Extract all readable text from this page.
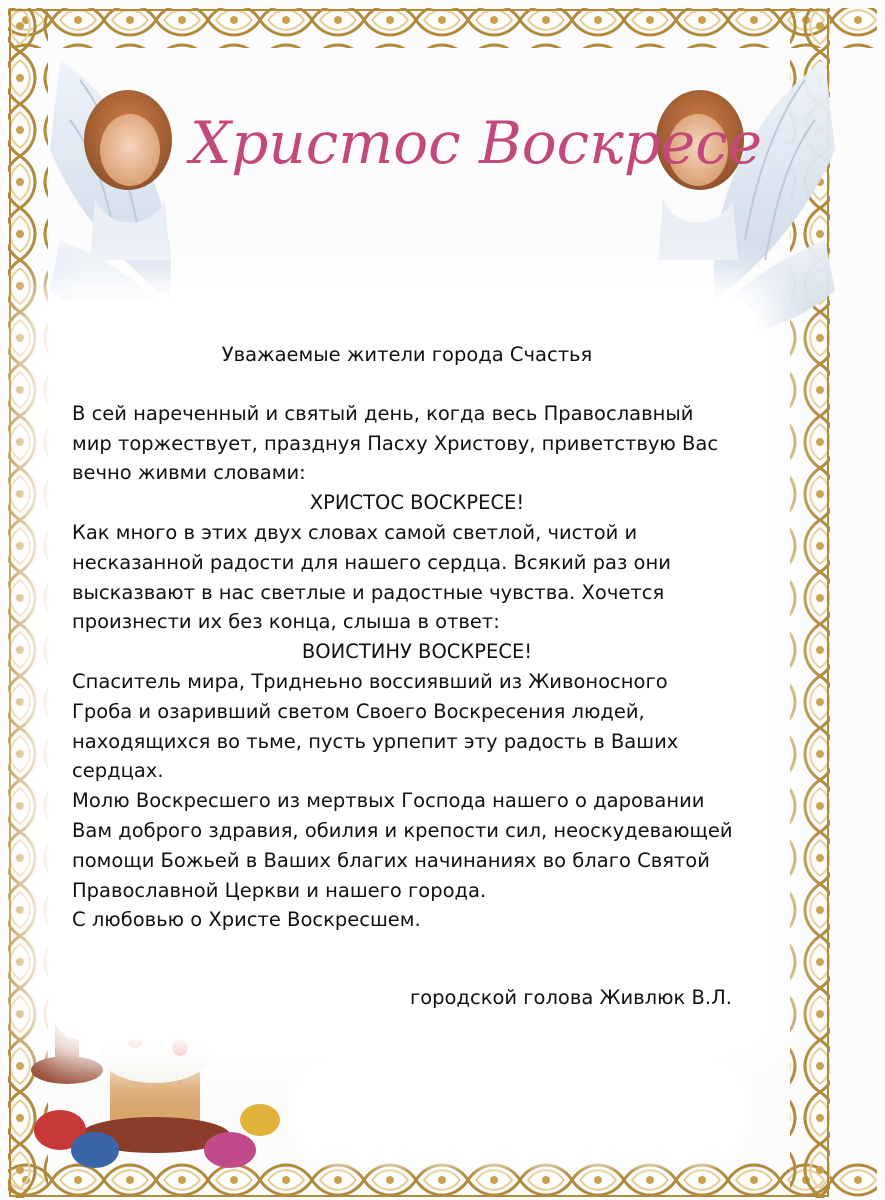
Христос Воскресе
Уважаемые жители города Счастья
В сей нареченный и святый день, когда весь Православный
мир торжествует, празднуя Пасху Христову, приветствую Вас
вечно живми словами:
ХРИСТОС ВОСКРЕСЕ!
Как много в этих двух словах самой светлой, чистой и
несказанной радости для нашего сердца. Всякий раз они
высказвают в нас светлые и радостные чувства. Хочется
произнести их без конца, слыша в ответ:
ВОИСТИНУ ВОСКРЕСЕ!
Спаситель мира, Триднеьно воссиявший из Живоносного
Гроба и озаривший светом Своего Воскресения людей,
находящихся во тьме, пусть урпепит эту радость в Ваших
сердцах.
Молю Воскресшего из мертвых Господа нашего о даровании
Вам доброго здравия, обилия и крепости сил, неоскудевающей
помощи Божьей в Ваших благих начинаниях во благо Святой
Православной Церкви и нашего города.
С любовью о Христе Воскресшем.
городской голова Живлюк В.Л.
